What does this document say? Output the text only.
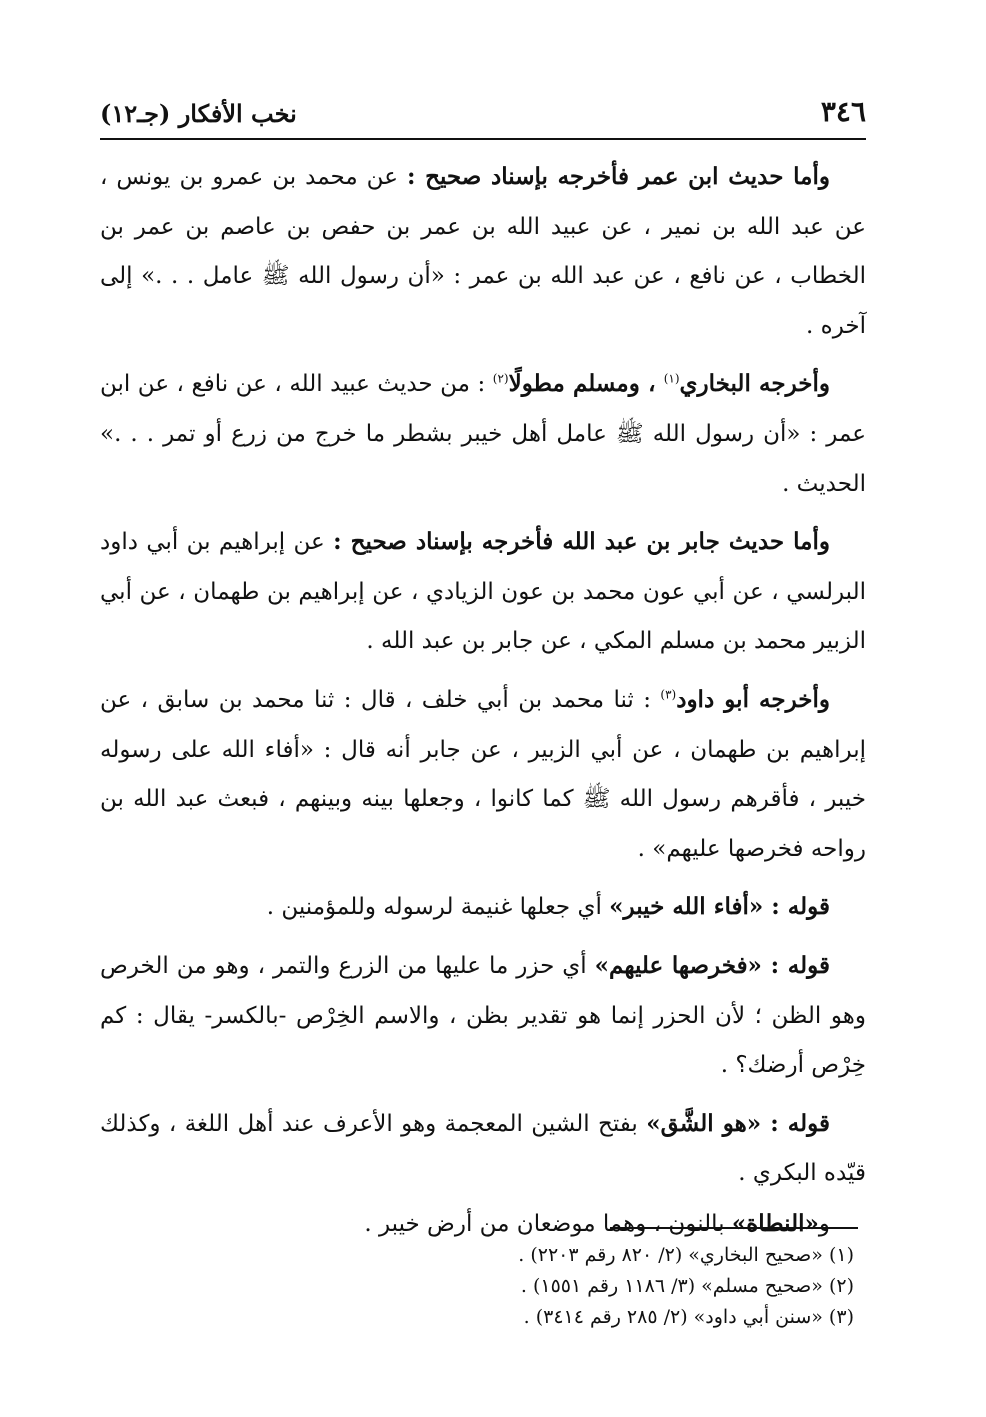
٣٤٦
نخب الأفكار (جـ١٢)

وأما حديث ابن عمر فأخرجه بإسناد صحيح : عن محمد بن عمرو بن يونس ، عن عبد الله بن نمير ، عن عبيد الله بن عمر بن حفص بن عاصم بن عمر بن الخطاب ، عن نافع ، عن عبد الله بن عمر : «أن رسول الله ﷺ عامل . . .» إلى آخره .

وأخرجه البخاري$^{(١)}$ ، ومسلم مطولًا$^{(٢)}$ : من حديث عبيد الله ، عن نافع ، عن ابن عمر : «أن رسول الله ﷺ عامل أهل خيبر بشطر ما خرج من زرع أو تمر . . .» الحديث .

وأما حديث جابر بن عبد الله فأخرجه بإسناد صحيح : عن إبراهيم بن أبي داود البرلسي ، عن أبي عون محمد بن عون الزيادي ، عن إبراهيم بن طهمان ، عن أبي الزبير محمد بن مسلم المكي ، عن جابر بن عبد الله .

وأخرجه أبو داود$^{(٣)}$ : ثنا محمد بن أبي خلف ، قال : ثنا محمد بن سابق ، عن إبراهيم بن طهمان ، عن أبي الزبير ، عن جابر أنه قال : «أفاء الله على رسوله خيبر ، فأقرهم رسول الله ﷺ كما كانوا ، وجعلها بينه وبينهم ، فبعث عبد الله بن رواحه فخرصها عليهم» .

قوله : «أفاء الله خيبر» أي جعلها غنيمة لرسوله وللمؤمنين .

قوله : «فخرصها عليهم» أي حزر ما عليها من الزرع والتمر ، وهو من الخرص وهو الظن ؛ لأن الحزر إنما هو تقدير بظن ، والاسم الخِرْص -بالكسر- يقال : كم خِرْص أرضك؟ .

قوله : «هو الشَّق» بفتح الشين المعجمة وهو الأعرف عند أهل اللغة ، وكذلك قيّده البكري .

و«النطاة» بالنون ، وهما موضعان من أرض خيبر .

(١) «صحيح البخاري» (٢/ ٨٢٠ رقم ٢٢٠٣) .

(٢) «صحيح مسلم» (٣/ ١١٨٦ رقم ١٥٥١) .

(٣) «سنن أبي داود» (٢/ ٢٨٥ رقم ٣٤١٤) .
